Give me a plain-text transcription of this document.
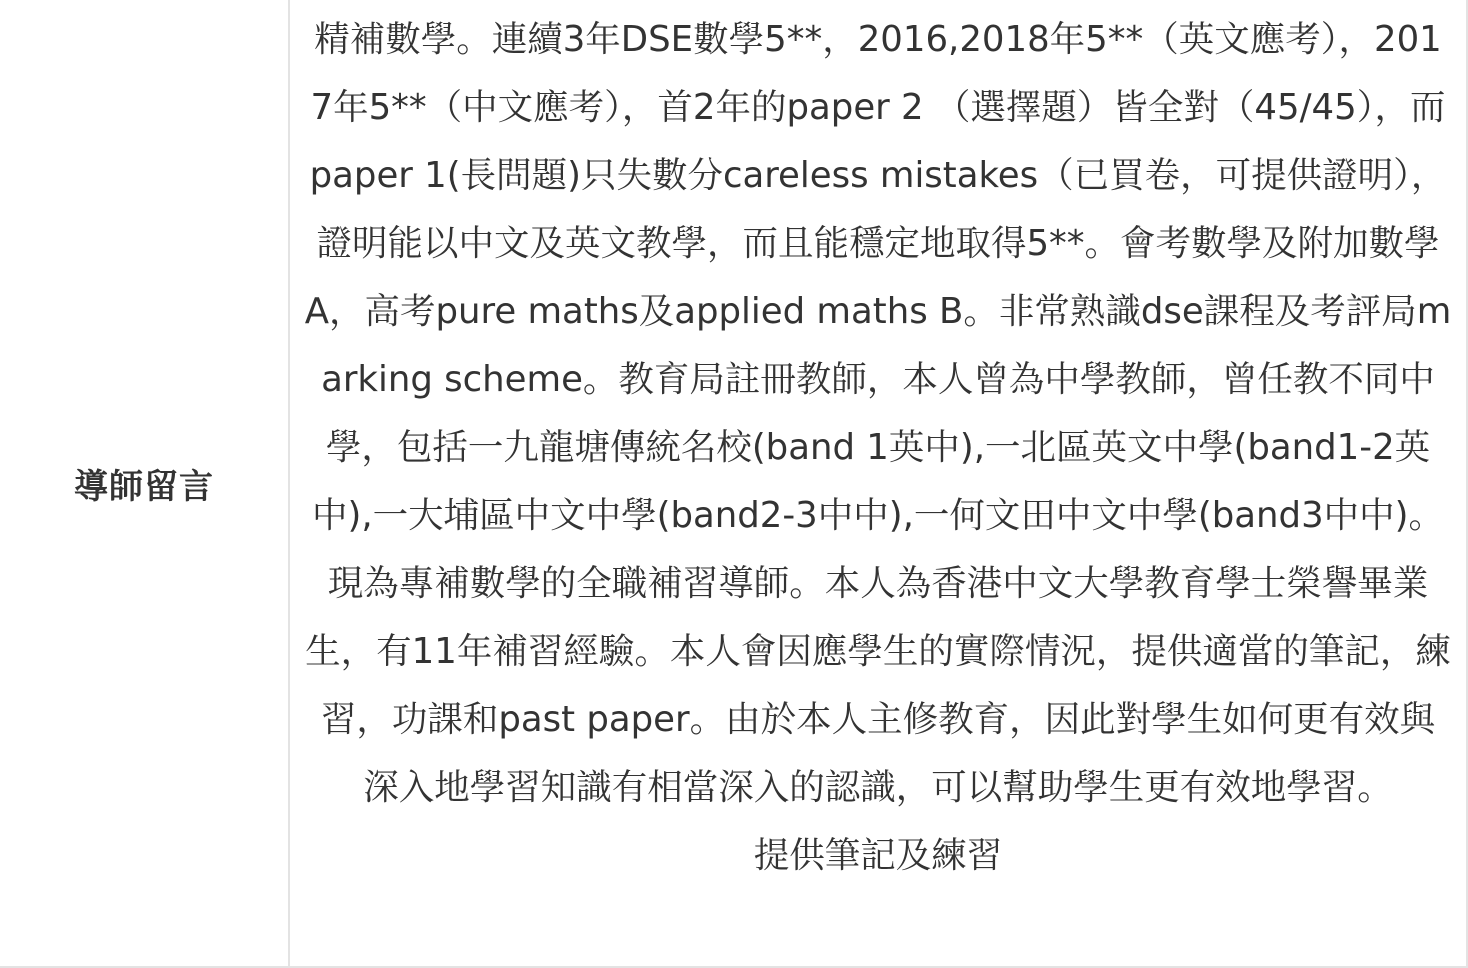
導師留言

精補數學。連續3年DSE數學5**，2016,2018年5**（英文應考），2017年5**（中文應考），首2年的paper 2 （選擇題）皆全對（45/45），而paper 1(長問題)只失數分careless mistakes（已買卷，可提供證明），證明能以中文及英文教學，而且能穩定地取得5**。會考數學及附加數學A，高考pure maths及applied maths B。非常熟識dse課程及考評局marking scheme。教育局註冊教師，本人曾為中學教師，曾任教不同中學，包括一九龍塘傳統名校(band 1英中),一北區英文中學(band1-2英中),一大埔區中文中學(band2-3中中),一何文田中文中學(band3中中)。現為專補數學的全職補習導師。本人為香港中文大學教育學士榮譽畢業生，有11年補習經驗。本人會因應學生的實際情況，提供適當的筆記，練習，功課和past paper。由於本人主修教育，因此對學生如何更有效與深入地學習知識有相當深入的認識，可以幫助學生更有效地學習。

提供筆記及練習
